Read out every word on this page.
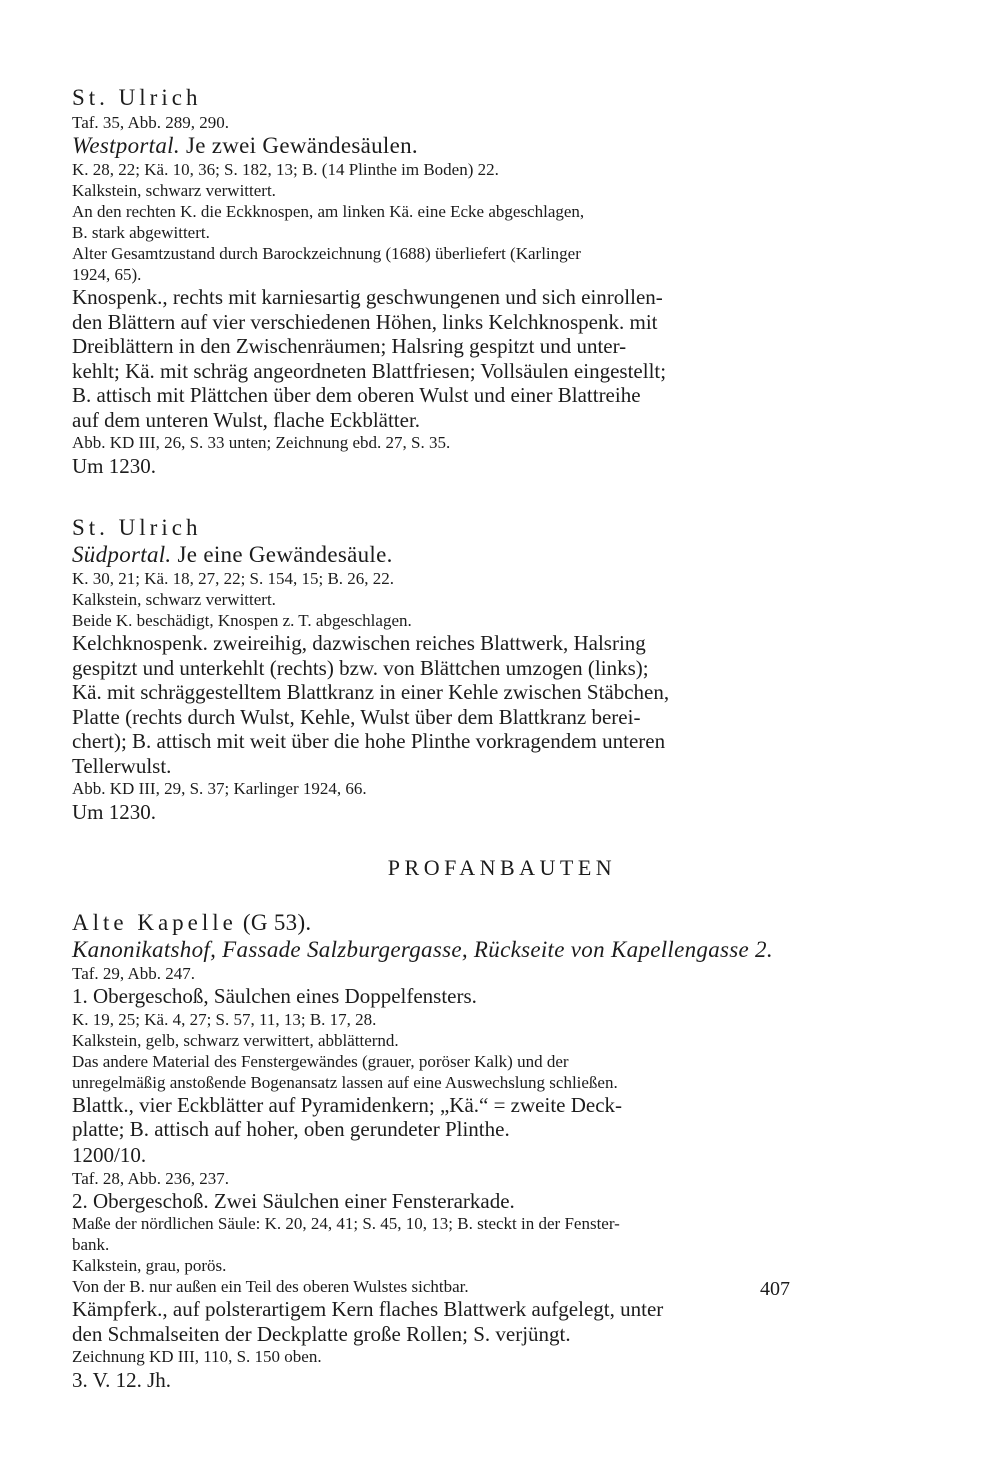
St. Ulrich
Taf. 35, Abb. 289, 290.
Westportal. Je zwei Gewändesäulen.
K. 28, 22; Kä. 10, 36; S. 182, 13; B. (14 Plinthe im Boden) 22.
Kalkstein, schwarz verwittert.
An den rechten K. die Eckknospen, am linken Kä. eine Ecke abgeschlagen,
B. stark abgewittert.
Alter Gesamtzustand durch Barockzeichnung (1688) überliefert (Karlinger
1924, 65).
Knospenk., rechts mit karniesartig geschwungenen und sich einrollen-
den Blättern auf vier verschiedenen Höhen, links Kelchknospenk. mit
Dreiblättern in den Zwischenräumen; Halsring gespitzt und unter-
kehlt; Kä. mit schräg angeordneten Blattfriesen; Vollsäulen eingestellt;
B. attisch mit Plättchen über dem oberen Wulst und einer Blattreihe
auf dem unteren Wulst, flache Eckblätter.
Abb. KD III, 26, S. 33 unten; Zeichnung ebd. 27, S. 35.
Um 1230.
St. Ulrich
Südportal. Je eine Gewändesäule.
K. 30, 21; Kä. 18, 27, 22; S. 154, 15; B. 26, 22.
Kalkstein, schwarz verwittert.
Beide K. beschädigt, Knospen z. T. abgeschlagen.
Kelchknospenk. zweireihig, dazwischen reiches Blattwerk, Halsring
gespitzt und unterkehlt (rechts) bzw. von Blättchen umzogen (links);
Kä. mit schräggestelltem Blattkranz in einer Kehle zwischen Stäbchen,
Platte (rechts durch Wulst, Kehle, Wulst über dem Blattkranz berei-
chert); B. attisch mit weit über die hohe Plinthe vorkragendem unteren
Tellerwulst.
Abb. KD III, 29, S. 37; Karlinger 1924, 66.
Um 1230.
PROFANBAUTEN
Alte Kapelle (G 53).
Kanonikatshof, Fassade Salzburgergasse, Rückseite von Kapellengasse 2.
Taf. 29, Abb. 247.
1. Obergeschoß, Säulchen eines Doppelfensters.
K. 19, 25; Kä. 4, 27; S. 57, 11, 13; B. 17, 28.
Kalkstein, gelb, schwarz verwittert, abblätternd.
Das andere Material des Fenstergewändes (grauer, poröser Kalk) und der
unregelmäßig anstoßende Bogenansatz lassen auf eine Auswechslung schließen.
Blattk., vier Eckblätter auf Pyramidenkern; „Kä.“ = zweite Deck-
platte; B. attisch auf hoher, oben gerundeter Plinthe.
1200/10.
Taf. 28, Abb. 236, 237.
2. Obergeschoß. Zwei Säulchen einer Fensterarkade.
Maße der nördlichen Säule: K. 20, 24, 41; S. 45, 10, 13; B. steckt in der Fenster-
bank.
Kalkstein, grau, porös.
Von der B. nur außen ein Teil des oberen Wulstes sichtbar.
Kämpferk., auf polsterartigem Kern flaches Blattwerk aufgelegt, unter
den Schmalseiten der Deckplatte große Rollen; S. verjüngt.
Zeichnung KD III, 110, S. 150 oben.
3. V. 12. Jh.
407
